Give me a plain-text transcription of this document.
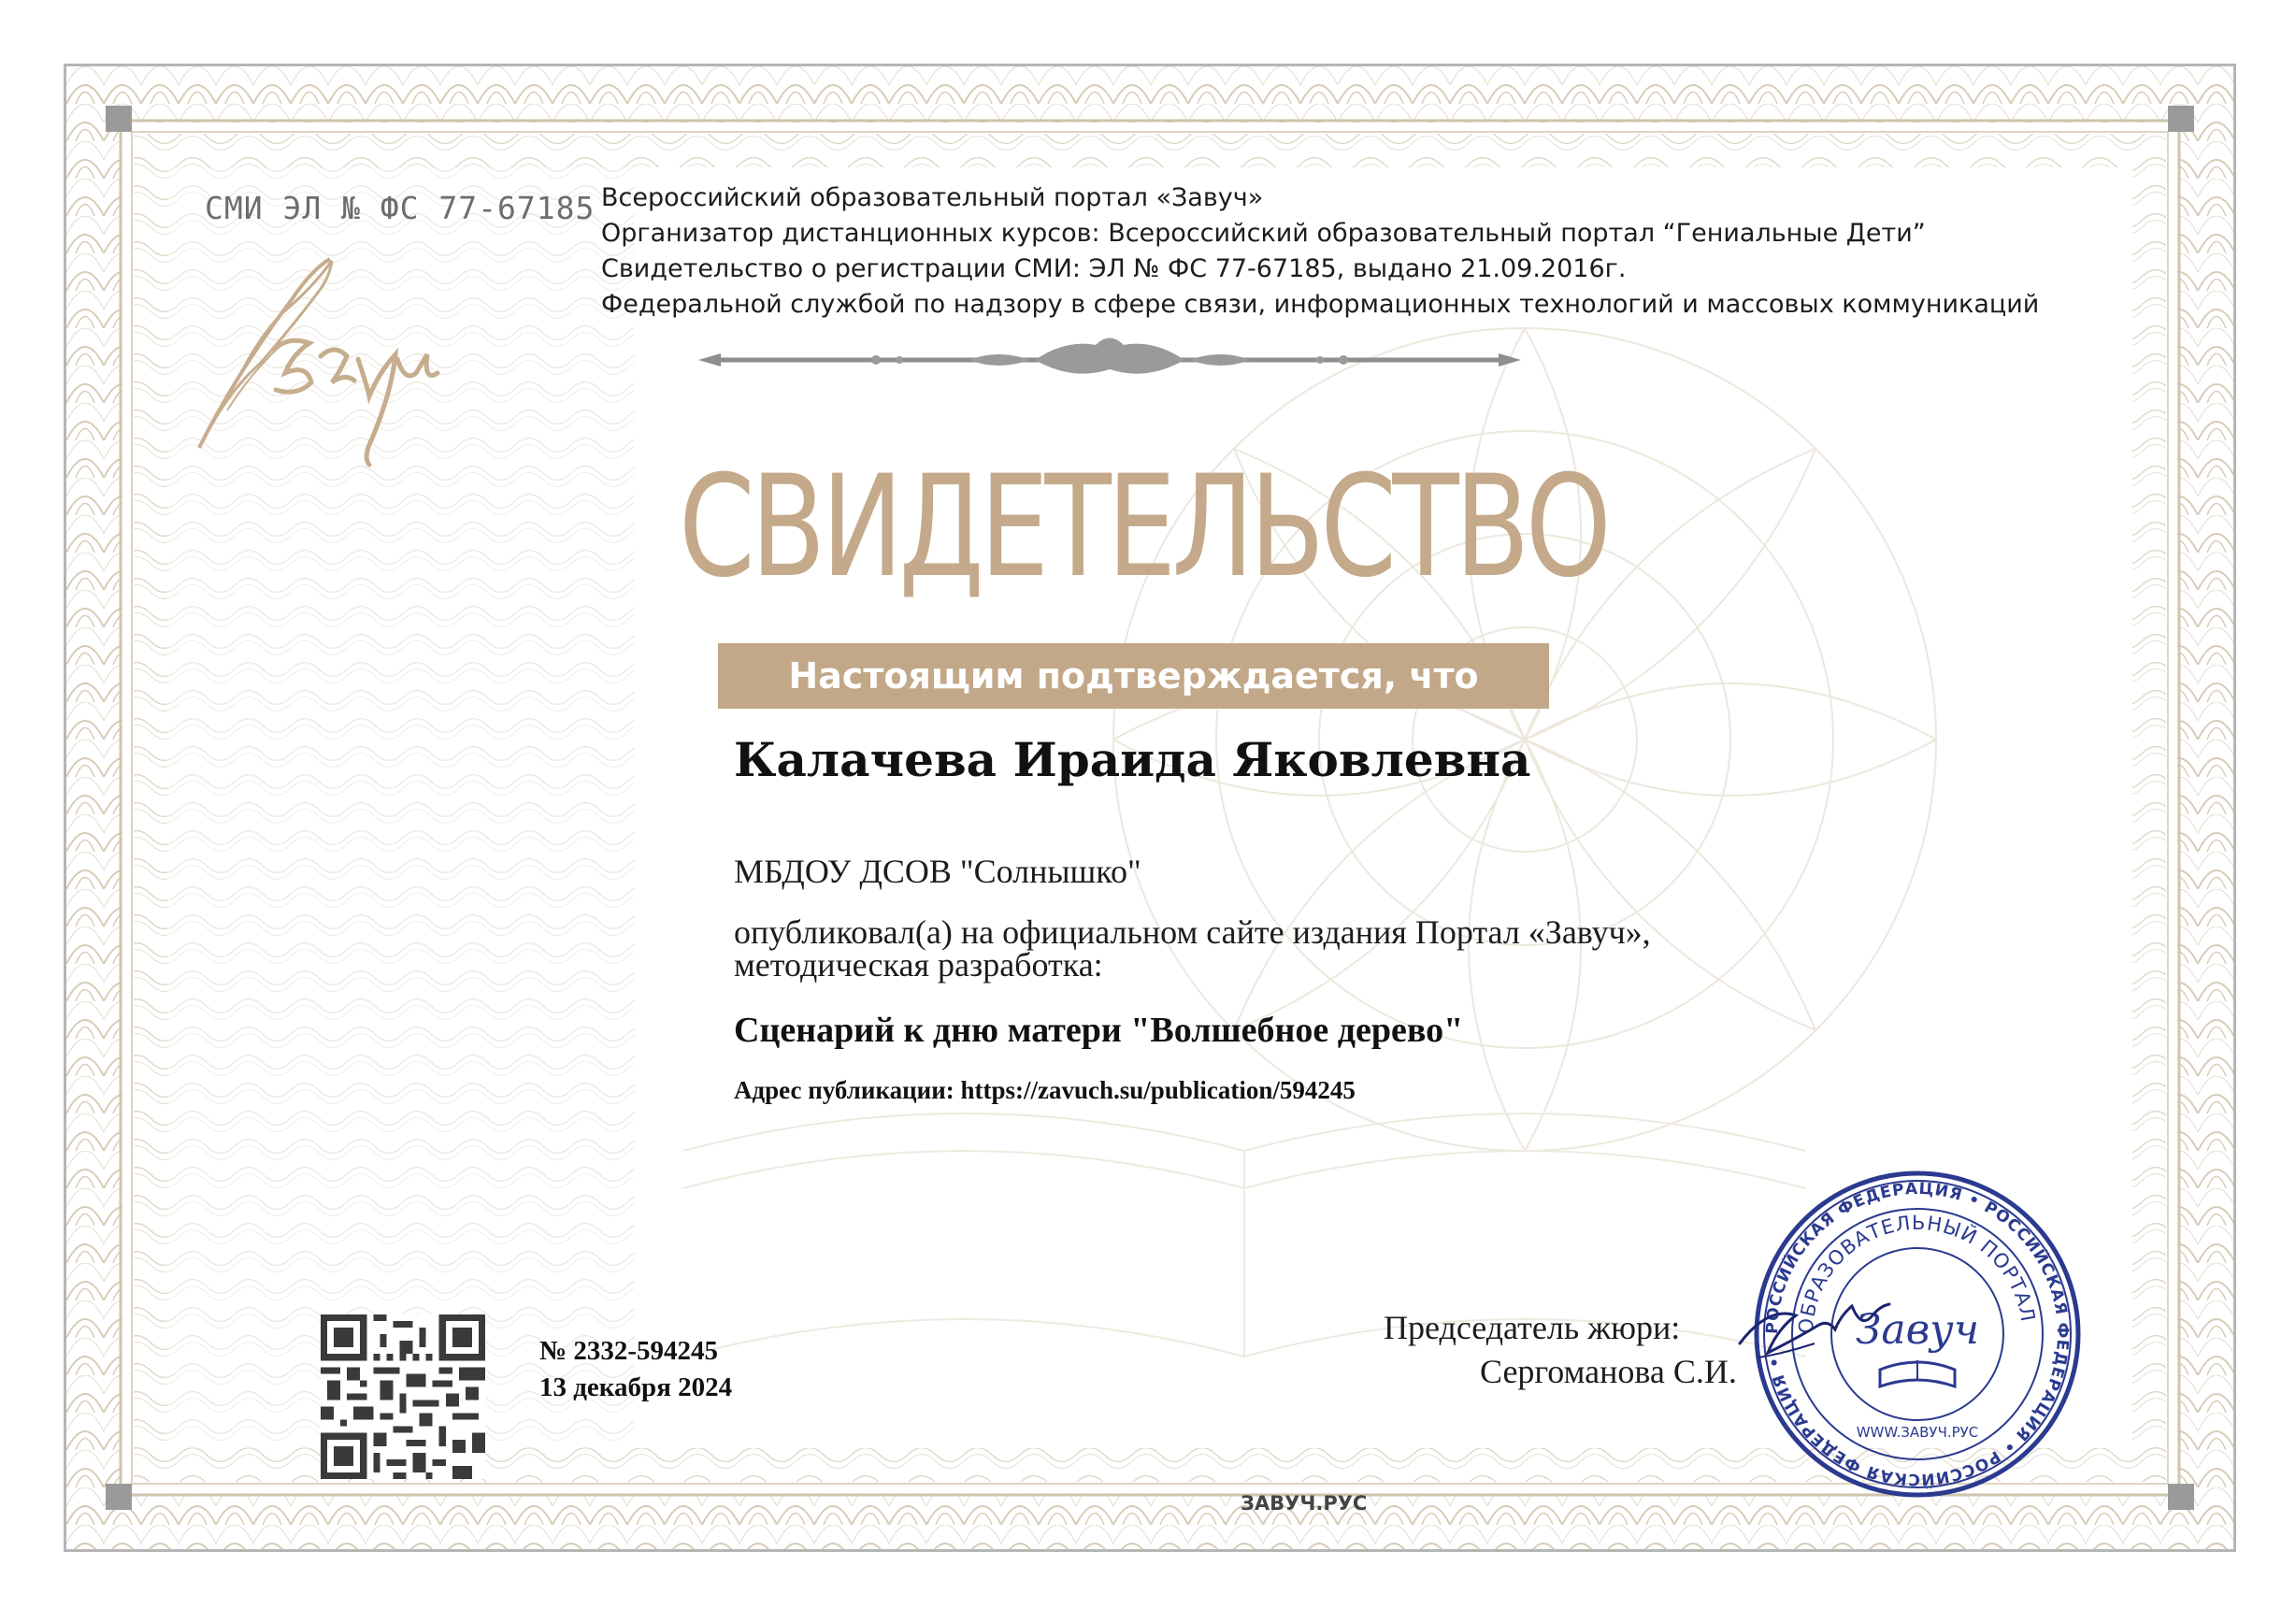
СМИ ЭЛ № ФС 77-67185 Всероссийский образовательный портал «Завуч»
Организатор дистанционных курсов: Всероссийский образовательный портал “Гениальные Дети”
Свидетельство о регистрации СМИ: ЭЛ № ФС 77-67185, выдано 21.09.2016г.
Федеральной службой по надзору в сфере связи, информационных технологий и массовых коммуникаций
СВИДЕТЕЛЬСТВО
Настоящим подтверждается, что
Калачева Ираида Яковлевна
МБДОУ ДСОВ "Солнышко"
опубликовал(а) на официальном сайте издания Портал «Завуч»,
методическая разработка:
Сценарий к дню матери "Волшебное дерево"
Адрес публикации: https://zavuch.su/publication/594245
№ 2332-594245
13 декабря 2024
Председатель жюри:
Сергоманова С.И.
РОССИЙСКАЯ ФЕДЕРАЦИЯ • РОССИЙСКАЯ ФЕДЕРАЦИЯ • РОССИЙСКАЯ ФЕДЕРАЦИЯ •
ОБРАЗОВАТЕЛЬНЫЙ ПОРТАЛ
Завуч
WWW.ЗАВУЧ.РУС
ЗАВУЧ.РУС
